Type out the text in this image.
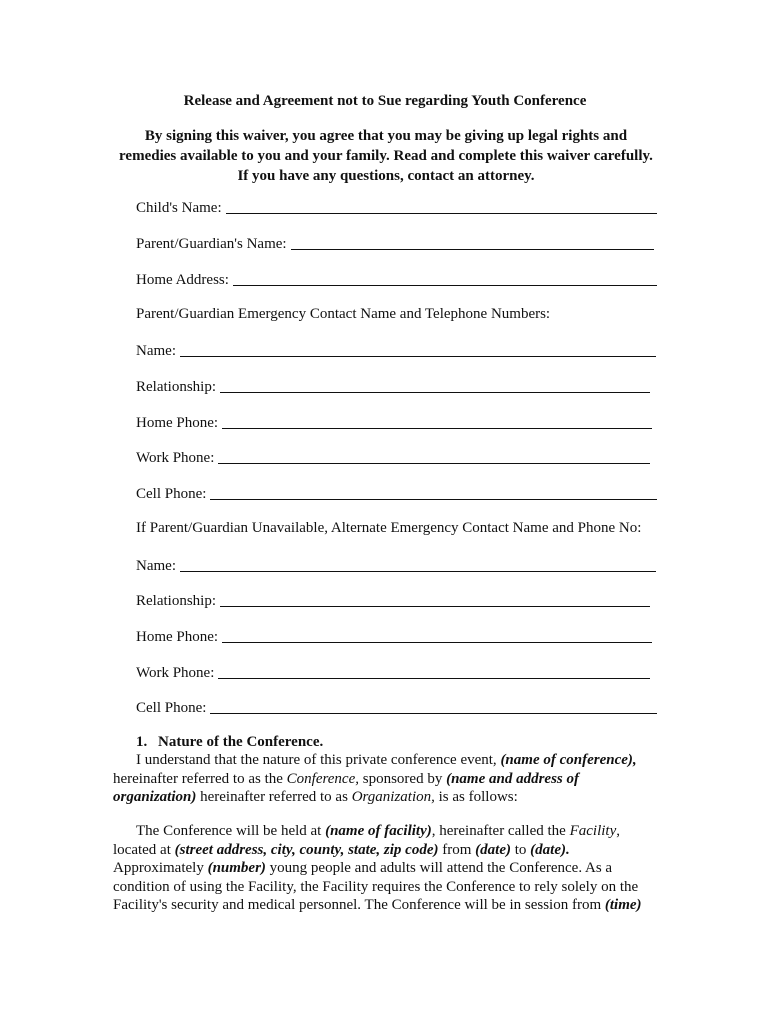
Release and Agreement not to Sue regarding Youth Conference
By signing this waiver, you agree that you may be giving up legal rights and
remedies available to you and your family. Read and complete this waiver carefully.
If you have any questions, contact an attorney.
Child's Name:
Parent/Guardian's Name:
Home Address:
Parent/Guardian Emergency Contact Name and Telephone Numbers:
Name:
Relationship:
Home Phone:
Work Phone:
Cell Phone:
If Parent/Guardian Unavailable, Alternate Emergency Contact Name and Phone No:
Name:
Relationship:
Home Phone:
Work Phone:
Cell Phone:
1. Nature of the Conference.
I understand that the nature of this private conference event, (name of conference), hereinafter referred to as the Conference, sponsored by (name and address of organization) hereinafter referred to as Organization, is as follows:
The Conference will be held at (name of facility), hereinafter called the Facility, located at (street address, city, county, state, zip code) from (date) to (date). Approximately (number) young people and adults will attend the Conference. As a condition of using the Facility, the Facility requires the Conference to rely solely on the Facility's security and medical personnel. The Conference will be in session from (time)
